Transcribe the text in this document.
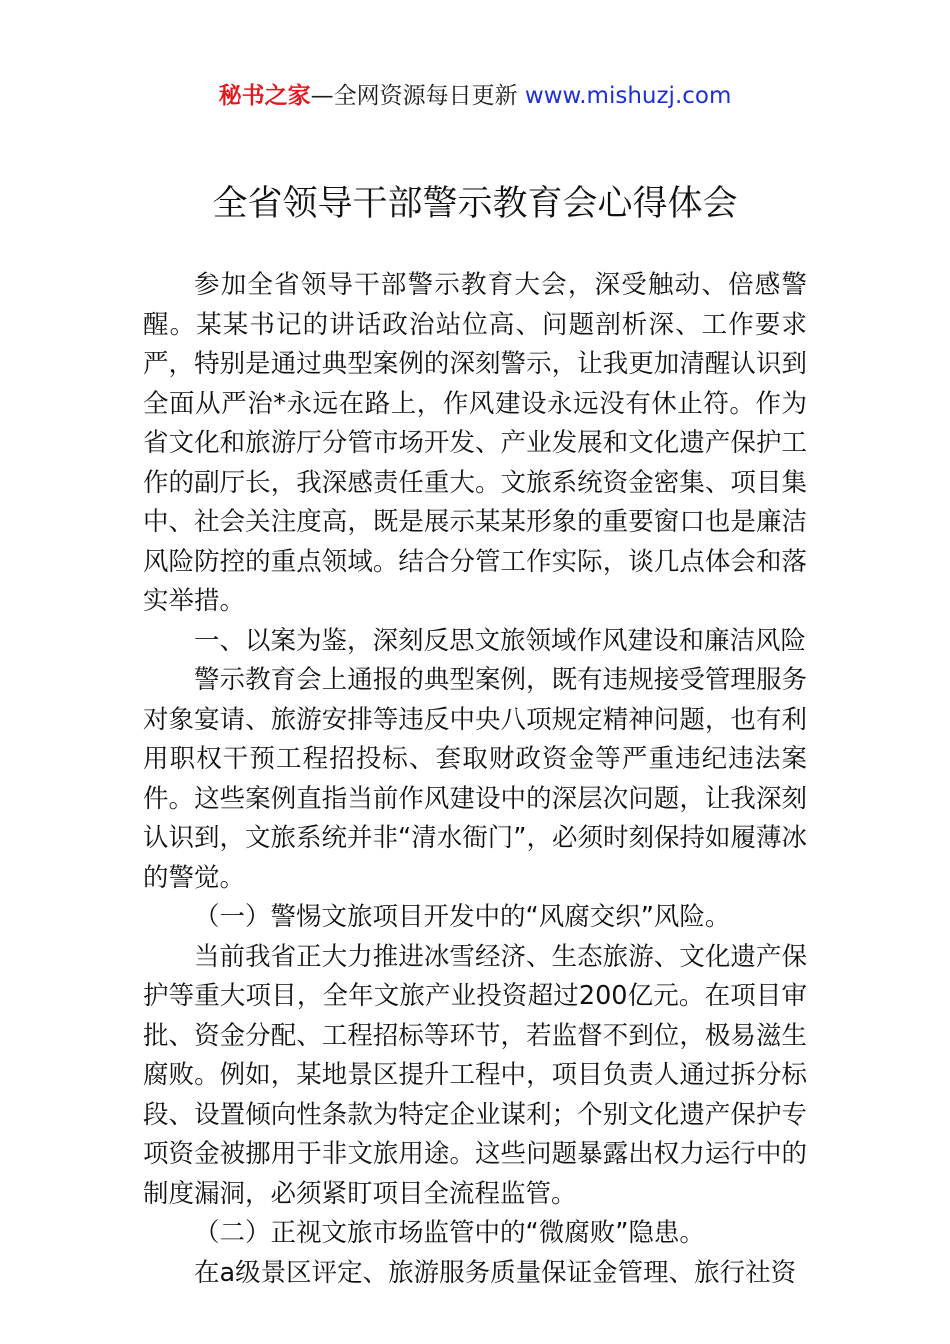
秘书之家—全网资源每日更新 www.mishuzj.com
全省领导干部警示教育会心得体会

参加全省领导干部警示教育大会，深受触动、倍感警醒。某某书记的讲话政治站位高、问题剖析深、工作要求严，特别是通过典型案例的深刻警示，让我更加清醒认识到全面从严治*永远在路上，作风建设永远没有休止符。作为省文化和旅游厅分管市场开发、产业发展和文化遗产保护工作的副厅长，我深感责任重大。文旅系统资金密集、项目集中、社会关注度高，既是展示某某形象的重要窗口也是廉洁风险防控的重点领域。结合分管工作实际，谈几点体会和落实举措。

一、以案为鉴，深刻反思文旅领域作风建设和廉洁风险

警示教育会上通报的典型案例，既有违规接受管理服务对象宴请、旅游安排等违反中央八项规定精神问题，也有利用职权干预工程招投标、套取财政资金等严重违纪违法案件。这些案例直指当前作风建设中的深层次问题，让我深刻认识到，文旅系统并非“清水衙门”，必须时刻保持如履薄冰的警觉。

（一）警惕文旅项目开发中的“风腐交织”风险。

当前我省正大力推进冰雪经济、生态旅游、文化遗产保护等重大项目，全年文旅产业投资超过200亿元。在项目审批、资金分配、工程招标等环节，若监督不到位，极易滋生腐败。例如，某地景区提升工程中，项目负责人通过拆分标段、设置倾向性条款为特定企业谋利；个别文化遗产保护专项资金被挪用于非文旅用途。这些问题暴露出权力运行中的制度漏洞，必须紧盯项目全流程监管。

（二）正视文旅市场监管中的“微腐败”隐患。

在a级景区评定、旅游服务质量保证金管理、旅行社资
